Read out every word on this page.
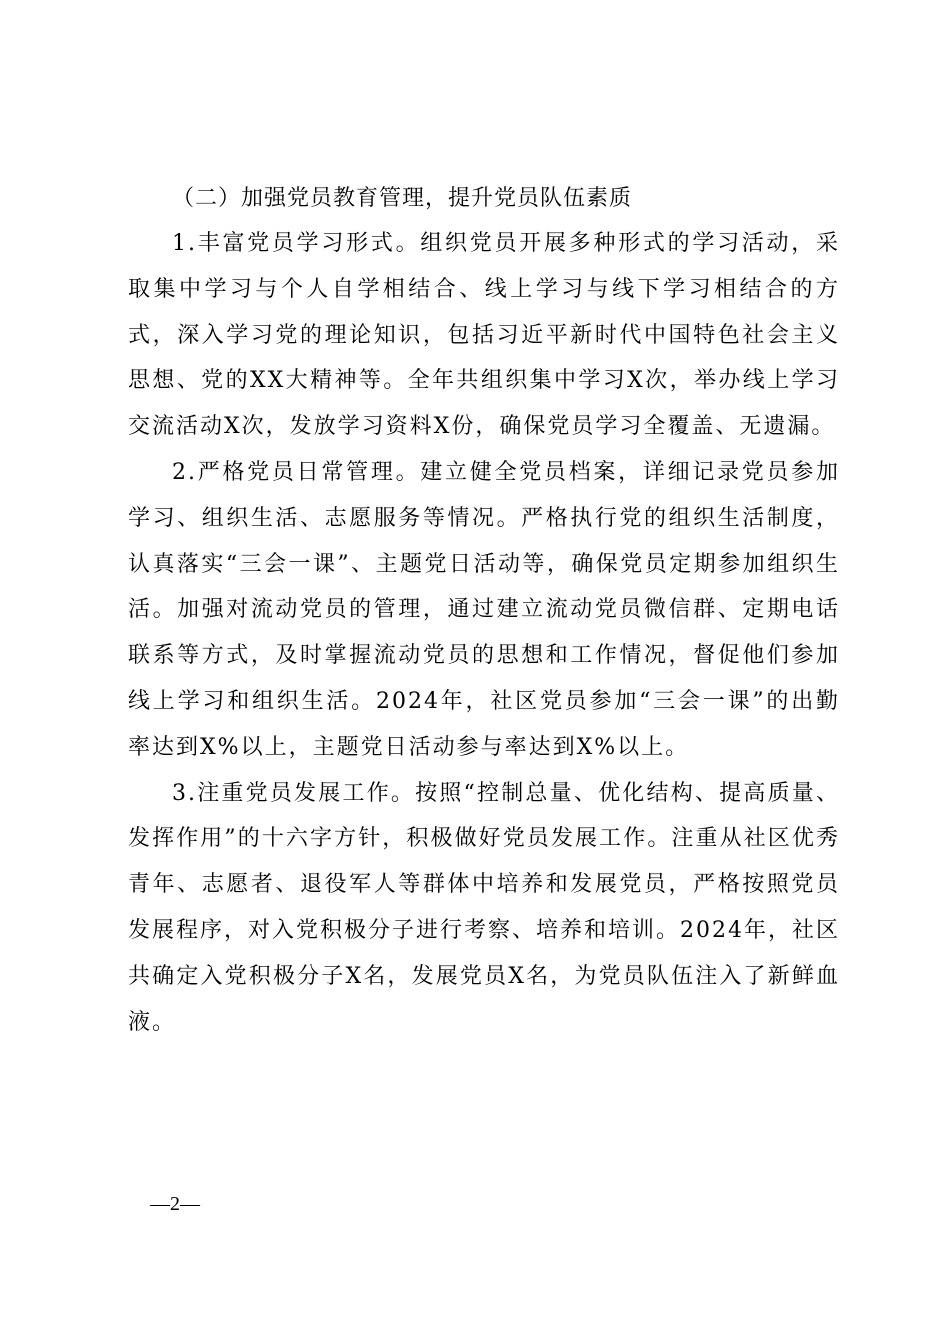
（二）加强党员教育管理，提升党员队伍素质

1.丰富党员学习形式。组织党员开展多种形式的学习活动，采取集中学习与个人自学相结合、线上学习与线下学习相结合的方式，深入学习党的理论知识，包括习近平新时代中国特色社会主义思想、党的XX大精神等。全年共组织集中学习X次，举办线上学习交流活动X次，发放学习资料X份，确保党员学习全覆盖、无遗漏。

2.严格党员日常管理。建立健全党员档案，详细记录党员参加学习、组织生活、志愿服务等情况。严格执行党的组织生活制度，认真落实“三会一课”、主题党日活动等，确保党员定期参加组织生活。加强对流动党员的管理，通过建立流动党员微信群、定期电话联系等方式，及时掌握流动党员的思想和工作情况，督促他们参加线上学习和组织生活。2024年，社区党员参加“三会一课”的出勤率达到X%以上，主题党日活动参与率达到X%以上。

3.注重党员发展工作。按照“控制总量、优化结构、提高质量、发挥作用”的十六字方针，积极做好党员发展工作。注重从社区优秀青年、志愿者、退役军人等群体中培养和发展党员，严格按照党员发展程序，对入党积极分子进行考察、培养和培训。2024年，社区共确定入党积极分子X名，发展党员X名，为党员队伍注入了新鲜血液。

—2—
